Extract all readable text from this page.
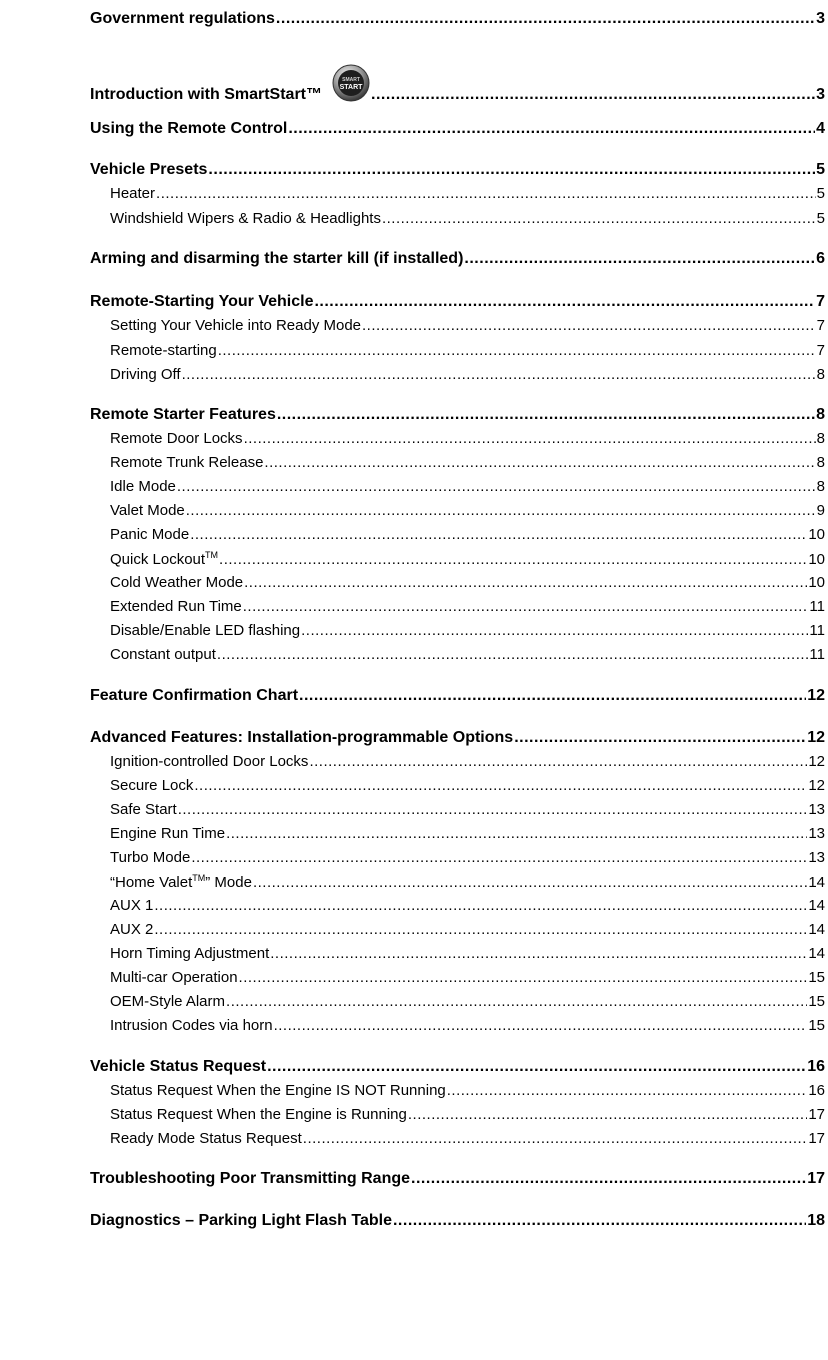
Government regulations .....	3
Introduction with SmartStart™
SMART
START .....	3
Using the Remote Control .....	4
Vehicle Presets .....	5
Heater .....	5
Windshield Wipers & Radio & Headlights .....	5
Arming and disarming the starter kill (if installed) .....	6
Remote-Starting Your Vehicle .....	7
Setting Your Vehicle into Ready Mode .....	7
Remote-starting .....	7
Driving Off .....	8
Remote Starter Features .....	8
Remote Door Locks .....	8
Remote Trunk Release .....	8
Idle Mode .....	8
Valet Mode .....	9
Panic Mode .....	10
Quick Lockout™ .....	10
Cold Weather Mode .....	10
Extended Run Time .....	11
Disable/Enable LED flashing .....	11
Constant output .....	11
Feature Confirmation Chart .....	12
Advanced Features: Installation-programmable Options .....	12
Ignition-controlled Door Locks .....	12
Secure Lock .....	12
Safe Start .....	13
Engine Run Time .....	13
Turbo Mode .....	13
“Home Valet™” Mode .....	14
AUX 1 .....	14
AUX 2 .....	14
Horn Timing Adjustment .....	14
Multi-car Operation .....	15
OEM-Style Alarm .....	15
Intrusion Codes via horn .....	15
Vehicle Status Request .....	16
Status Request When the Engine IS NOT Running .....	16
Status Request When the Engine is Running .....	17
Ready Mode Status Request .....	17
Troubleshooting Poor Transmitting Range .....	17
Diagnostics – Parking Light Flash Table .....	18
